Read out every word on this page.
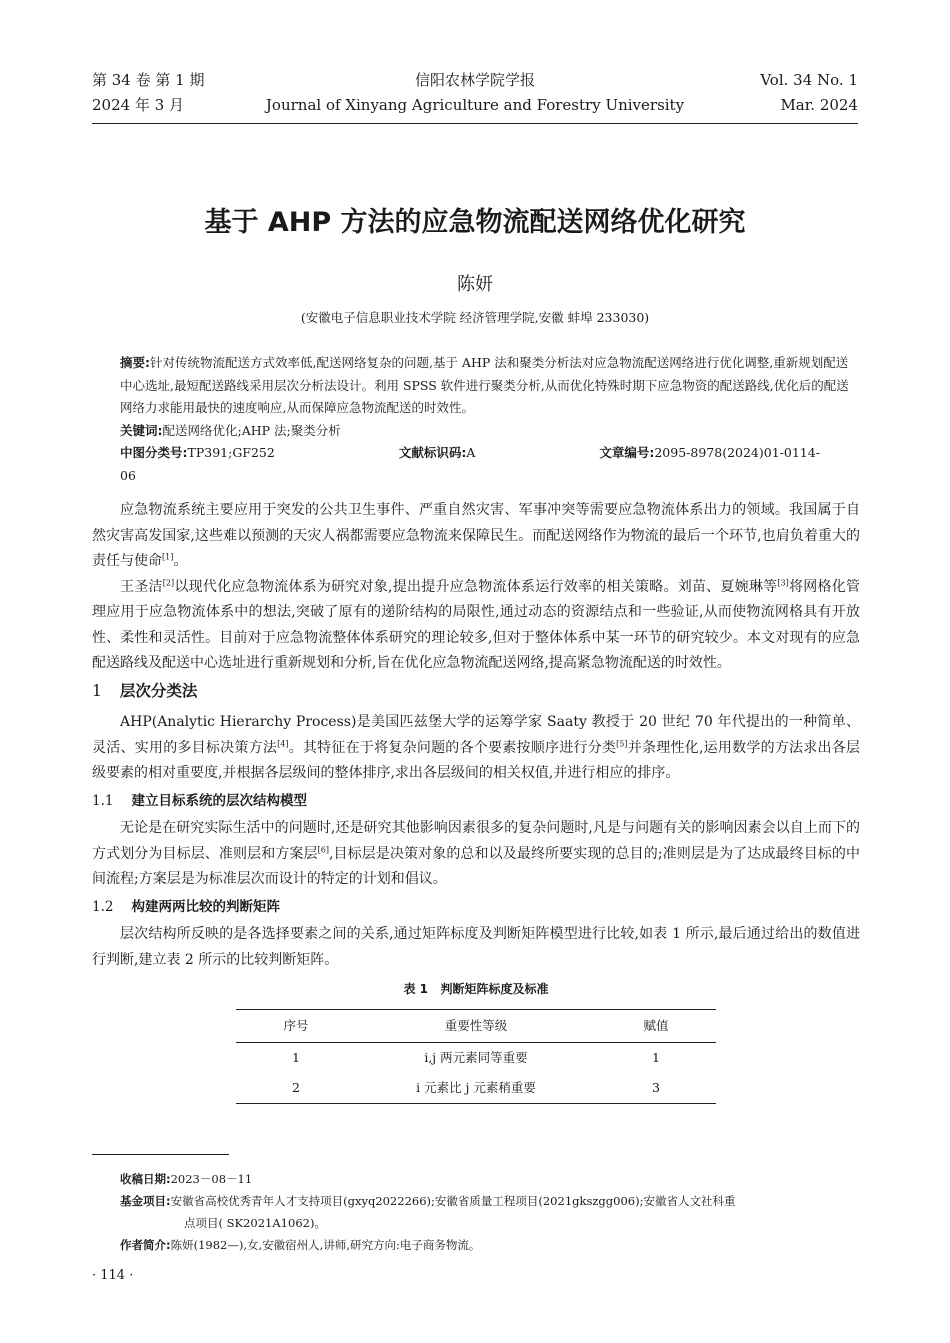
第 34 卷 第 1 期
2024 年 3 月
信阳农林学院学报
Journal of Xinyang Agriculture and Forestry University
Vol. 34 No. 1
Mar. 2024
基于 AHP 方法的应急物流配送网络优化研究
陈妍
(安徽电子信息职业技术学院 经济管理学院,安徽 蚌埠 233030)

摘要:针对传统物流配送方式效率低,配送网络复杂的问题,基于 AHP 法和聚类分析法对应急物流配送网络进行优化调整,重新规划配送中心选址,最短配送路线采用层次分析法设计。利用 SPSS 软件进行聚类分析,从而优化特殊时期下应急物资的配送路线,优化后的配送网络力求能用最快的速度响应,从而保障应急物流配送的时效性。

关键词:配送网络优化;AHP 法;聚类分析

中图分类号:TP391;GF252	文献标识码:A	文章编号:2095-8978(2024)01-0114-06

应急物流系统主要应用于突发的公共卫生事件、严重自然灾害、军事冲突等需要应急物流体系出力的领域。我国属于自然灾害高发国家,这些难以预测的天灾人祸都需要应急物流来保障民生。而配送网络作为物流的最后一个环节,也肩负着重大的责任与使命[1]。

王圣洁[2]以现代化应急物流体系为研究对象,提出提升应急物流体系运行效率的相关策略。刘苗、夏婉琳等[3]将网格化管理应用于应急物流体系中的想法,突破了原有的递阶结构的局限性,通过动态的资源结点和一些验证,从而使物流网格具有开放性、柔性和灵活性。目前对于应急物流整体体系研究的理论较多,但对于整体体系中某一环节的研究较少。本文对现有的应急配送路线及配送中心选址进行重新规划和分析,旨在优化应急物流配送网络,提高紧急物流配送的时效性。

1 层次分类法

AHP(Analytic Hierarchy Process)是美国匹兹堡大学的运筹学家 Saaty 教授于 20 世纪 70 年代提出的一种简单、灵活、实用的多目标决策方法[4]。其特征在于将复杂问题的各个要素按顺序进行分类[5]并条理性化,运用数学的方法求出各层级要素的相对重要度,并根据各层级间的整体排序,求出各层级间的相关权值,并进行相应的排序。

1.1 建立目标系统的层次结构模型

无论是在研究实际生活中的问题时,还是研究其他影响因素很多的复杂问题时,凡是与问题有关的影响因素会以自上而下的方式划分为目标层、准则层和方案层[6],目标层是决策对象的总和以及最终所要实现的总目的;准则层是为了达成最终目标的中间流程;方案层是为标准层次而设计的特定的计划和倡议。

1.2 构建两两比较的判断矩阵

层次结构所反映的是各选择要素之间的关系,通过矩阵标度及判断矩阵模型进行比较,如表 1 所示,最后通过给出的数值进行判断,建立表 2 所示的比较判断矩阵。

表 1 判断矩阵标度及标准
序号	重要性等级	赋值
1	i,j 两元素同等重要	1
2	i 元素比 j 元素稍重要	3

收稿日期:2023－08－11

基金项目:安徽省高校优秀青年人才支持项目(gxyq2022266);安徽省质量工程项目(2021gkszgg006);安徽省人文社科重

点项目( SK2021A1062)。

作者简介:陈妍(1982—),女,安徽宿州人,讲师,研究方向:电子商务物流。

· 114 ·
